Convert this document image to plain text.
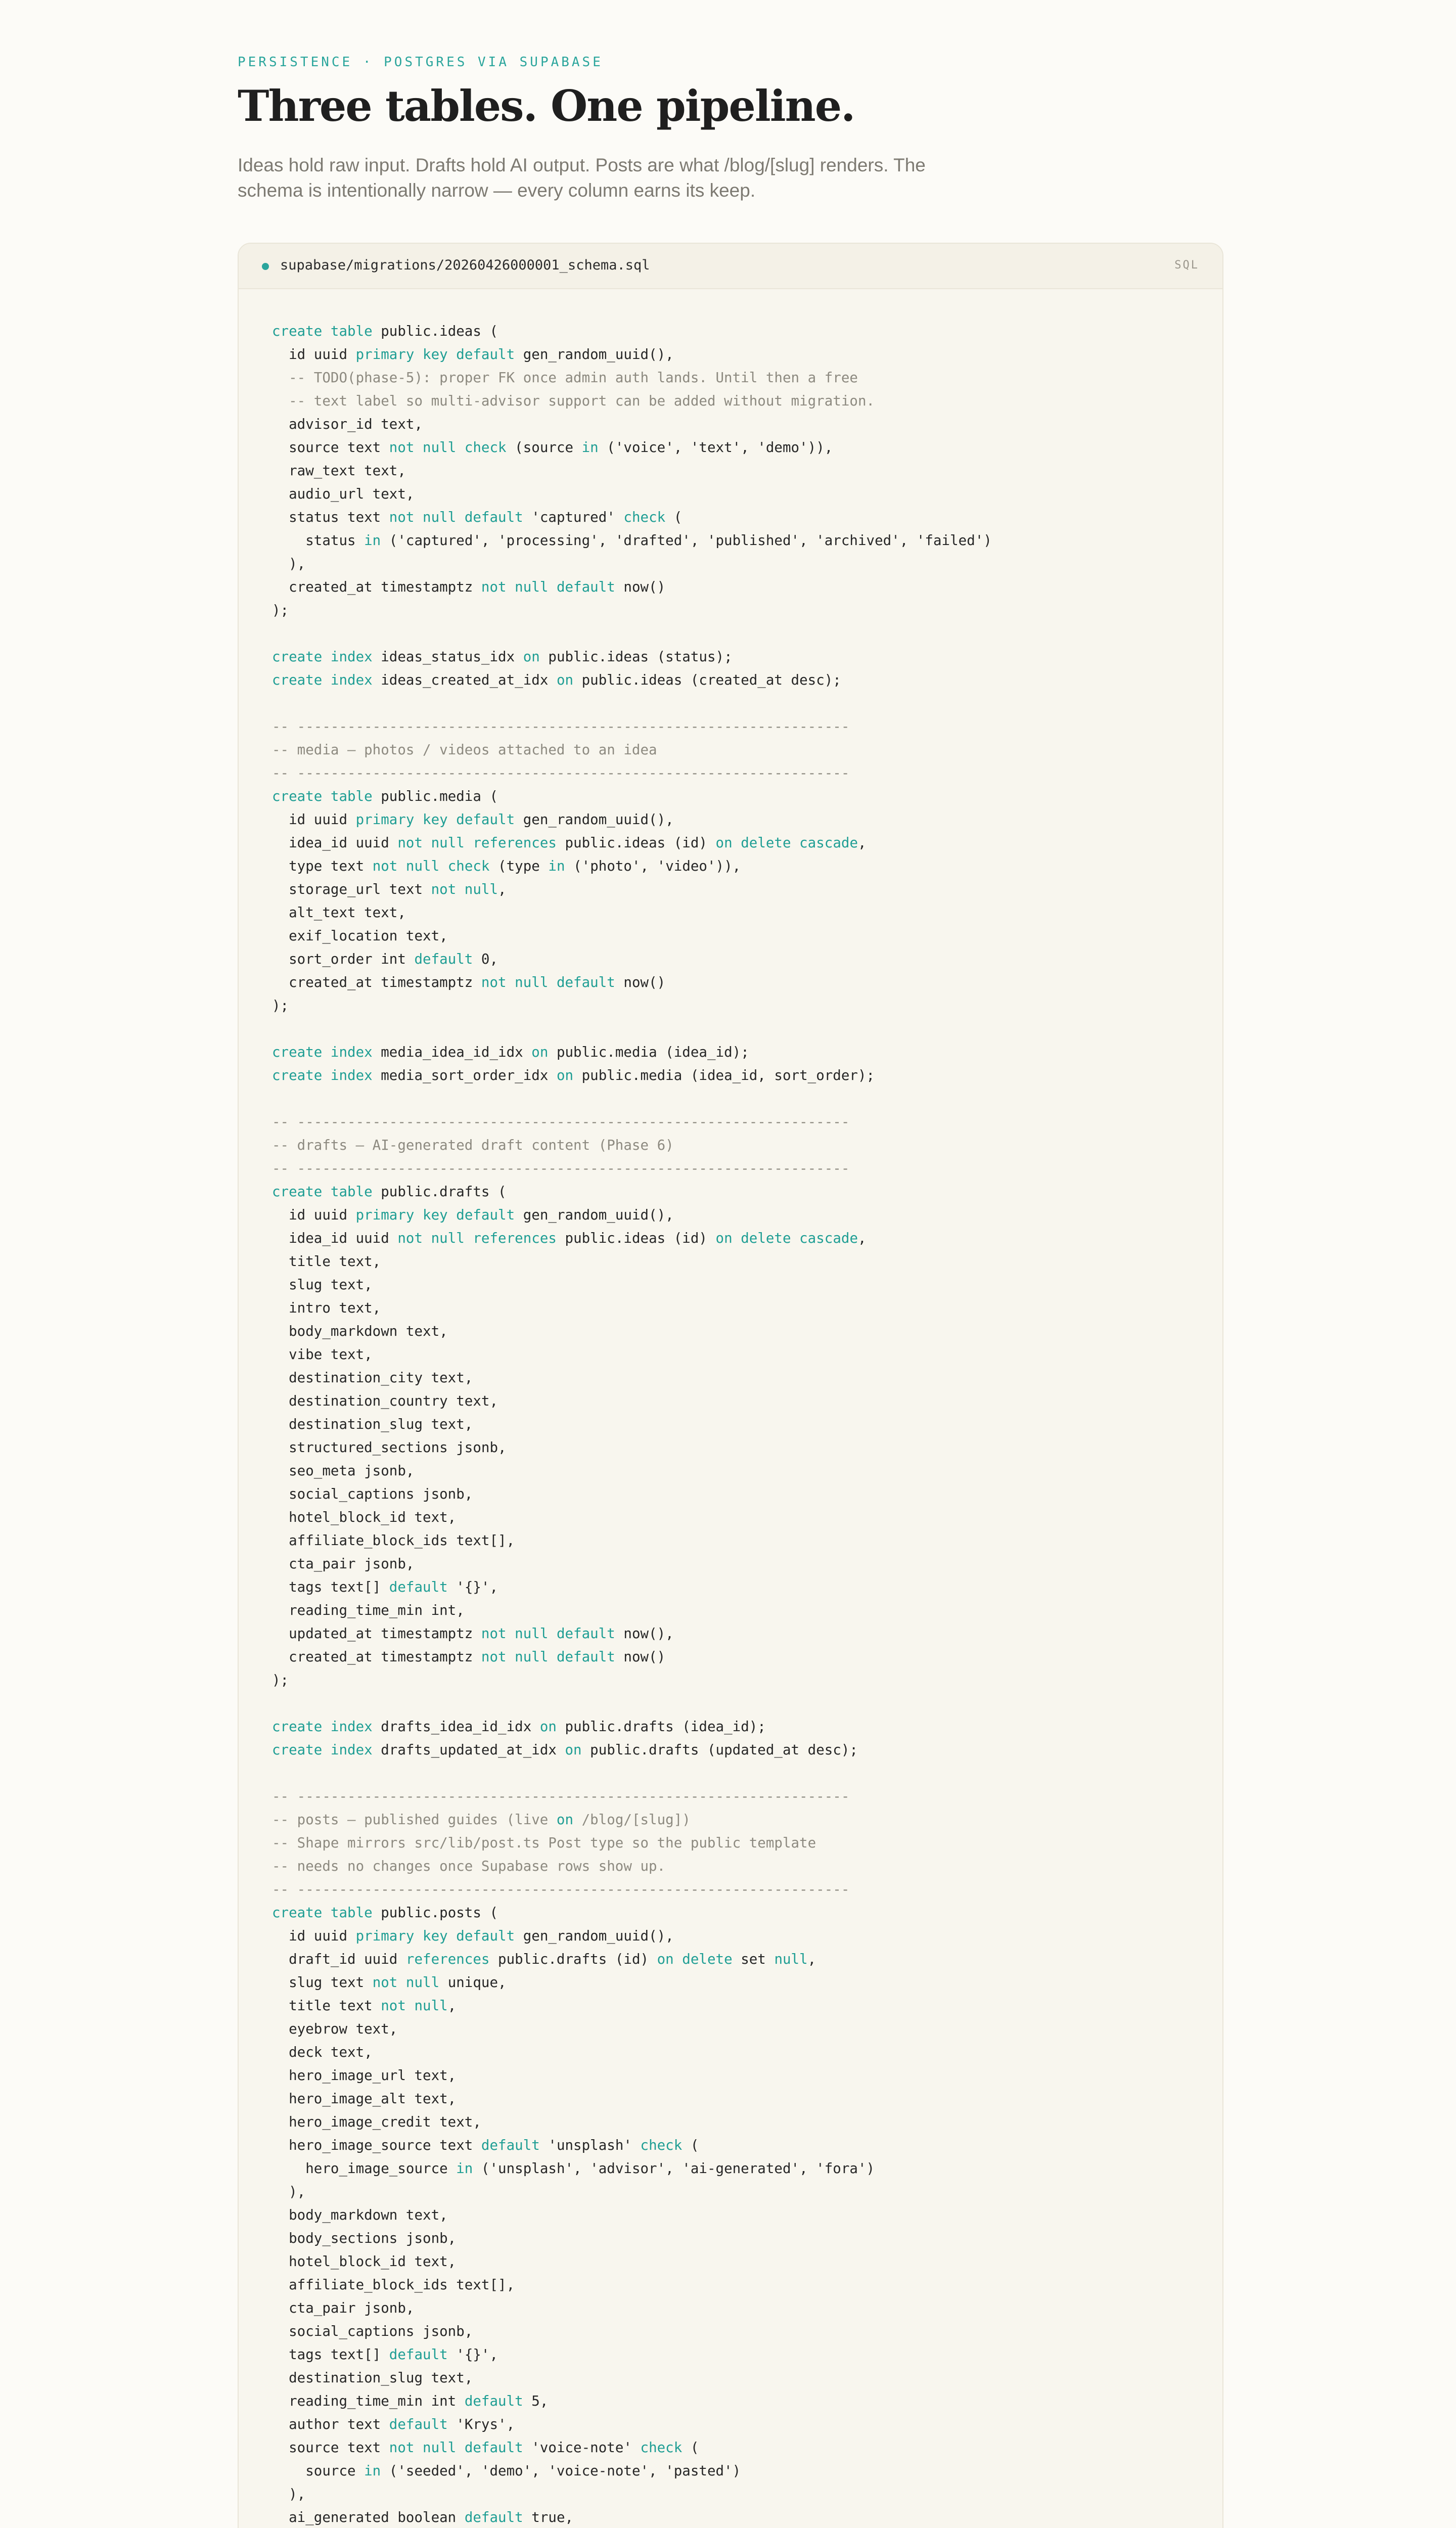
PERSISTENCE · POSTGRES VIA SUPABASE
Three tables. One pipeline.

Ideas hold raw input. Drafts hold AI output. Posts are what /blog/[slug] renders. The schema is intentionally narrow — every column earns its keep.

supabase/migrations/20260426000001_schema.sql	SQL
create table public.ideas (
id uuid primary key default gen_random_uuid(),
-- TODO(phase-5): proper FK once admin auth lands. Until then a free
-- text label so multi-advisor support can be added without migration.
advisor_id text,
source text not null check (source in ('voice', 'text', 'demo')),
raw_text text,
audio_url text,
status text not null default 'captured' check (
status in ('captured', 'processing', 'drafted', 'published', 'archived', 'failed')
),
created_at timestamptz not null default now()
);
create index ideas_status_idx on public.ideas (status);
create index ideas_created_at_idx on public.ideas (created_at desc);
-- ------------------------------------------------------------------
-- media — photos / videos attached to an idea
-- ------------------------------------------------------------------
create table public.media (
id uuid primary key default gen_random_uuid(),
idea_id uuid not null references public.ideas (id) on delete cascade,
type text not null check (type in ('photo', 'video')),
storage_url text not null,
alt_text text,
exif_location text,
sort_order int default 0,
created_at timestamptz not null default now()
);
create index media_idea_id_idx on public.media (idea_id);
create index media_sort_order_idx on public.media (idea_id, sort_order);
-- ------------------------------------------------------------------
-- drafts — AI-generated draft content (Phase 6)
-- ------------------------------------------------------------------
create table public.drafts (
id uuid primary key default gen_random_uuid(),
idea_id uuid not null references public.ideas (id) on delete cascade,
title text,
slug text,
intro text,
body_markdown text,
vibe text,
destination_city text,
destination_country text,
destination_slug text,
structured_sections jsonb,
seo_meta jsonb,
social_captions jsonb,
hotel_block_id text,
affiliate_block_ids text[],
cta_pair jsonb,
tags text[] default '{}',
reading_time_min int,
updated_at timestamptz not null default now(),
created_at timestamptz not null default now()
);
create index drafts_idea_id_idx on public.drafts (idea_id);
create index drafts_updated_at_idx on public.drafts (updated_at desc);
-- ------------------------------------------------------------------
-- posts — published guides (live on /blog/[slug])
-- Shape mirrors src/lib/post.ts Post type so the public template
-- needs no changes once Supabase rows show up.
-- ------------------------------------------------------------------
create table public.posts (
id uuid primary key default gen_random_uuid(),
draft_id uuid references public.drafts (id) on delete set null,
slug text not null unique,
title text not null,
eyebrow text,
deck text,
hero_image_url text,
hero_image_alt text,
hero_image_credit text,
hero_image_source text default 'unsplash' check (
hero_image_source in ('unsplash', 'advisor', 'ai-generated', 'fora')
),
body_markdown text,
body_sections jsonb,
hotel_block_id text,
affiliate_block_ids text[],
cta_pair jsonb,
social_captions jsonb,
tags text[] default '{}',
destination_slug text,
reading_time_min int default 5,
author text default 'Krys',
source text not null default 'voice-note' check (
source in ('seeded', 'demo', 'voice-note', 'pasted')
),
ai_generated boolean default true,
